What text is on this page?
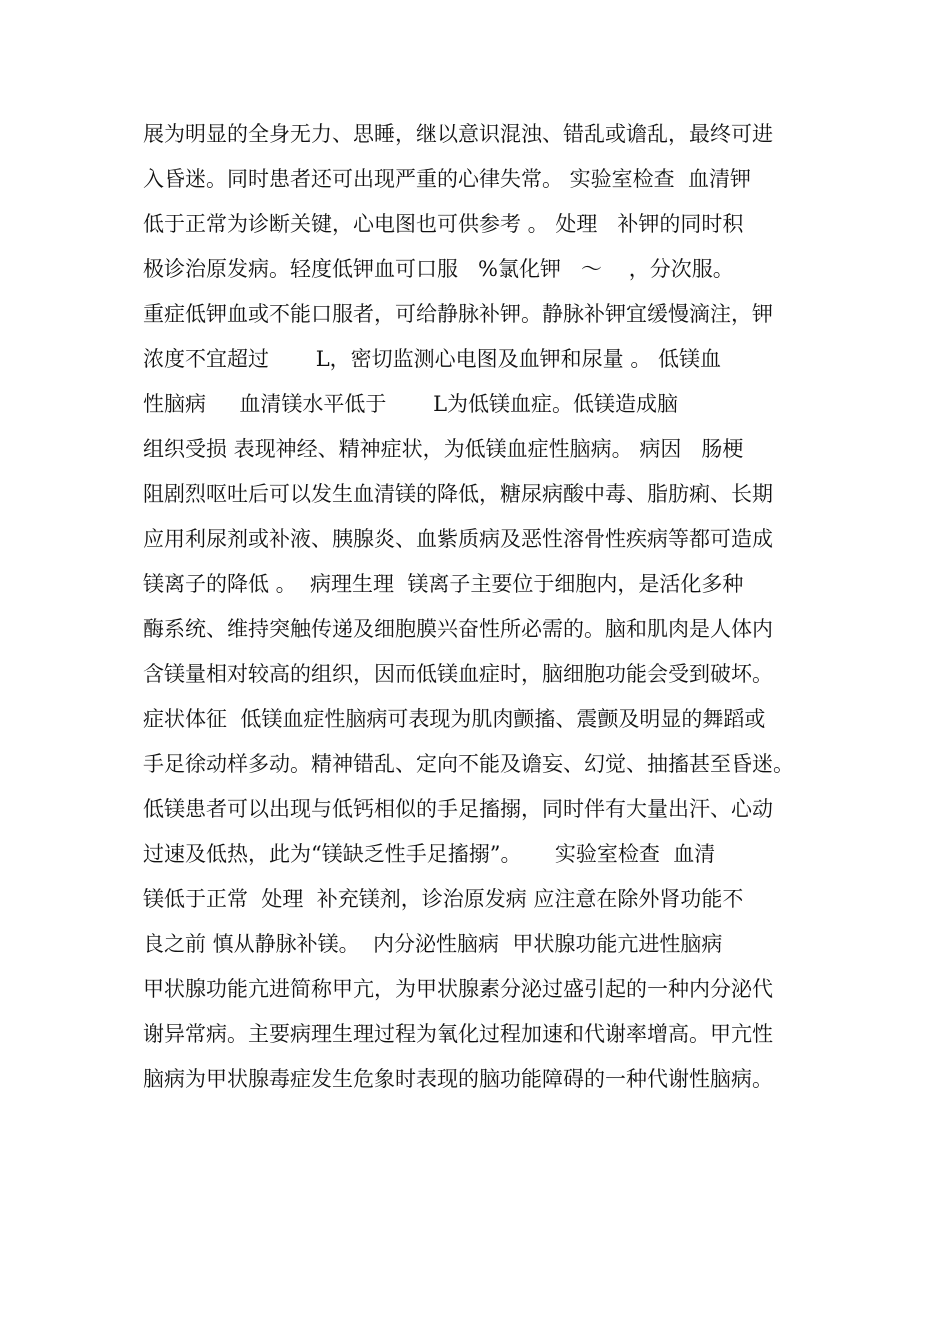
展为明显的全身无力、思睡，继以意识混浊、错乱或谵乱，最终可进
入昏迷。同时患者还可出现严重的心律失常。 实验室检查  血清钾
低于正常为诊断关键，心电图也可供参考 。 处理   补钾的同时积
极诊治原发病。轻度低钾血可口服   %氯化钾   ～    ，分次服。
重症低钾血或不能口服者，可给静脉补钾。静脉补钾宜缓慢滴注，钾
浓度不宜超过       L，密切监测心电图及血钾和尿量 。 低镁血
性脑病     血清镁水平低于       L为低镁血症。低镁造成脑
组织受损 表现神经、精神症状，为低镁血症性脑病。 病因   肠梗
阻剧烈呕吐后可以发生血清镁的降低，糖尿病酸中毒、脂肪痢、长期
应用利尿剂或补液、胰腺炎、血紫质病及恶性溶骨性疾病等都可造成
镁离子的降低 。  病理生理  镁离子主要位于细胞内，是活化多种
酶系统、维持突触传递及细胞膜兴奋性所必需的。脑和肌肉是人体内
含镁量相对较高的组织，因而低镁血症时，脑细胞功能会受到破坏。
症状体征  低镁血症性脑病可表现为肌肉颤搐、震颤及明显的舞蹈或
手足徐动样多动。精神错乱、定向不能及谵妄、幻觉、抽搐甚至昏迷。
低镁患者可以出现与低钙相似的手足搐搦，同时伴有大量出汗、心动
过速及低热，此为“镁缺乏性手足搐搦”。     实验室检查  血清
镁低于正常  处理  补充镁剂，诊治原发病 应注意在除外肾功能不
良之前 慎从静脉补镁。  内分泌性脑病  甲状腺功能亢进性脑病
甲状腺功能亢进简称甲亢，为甲状腺素分泌过盛引起的一种内分泌代
谢异常病。主要病理生理过程为氧化过程加速和代谢率增高。甲亢性
脑病为甲状腺毒症发生危象时表现的脑功能障碍的一种代谢性脑病。
